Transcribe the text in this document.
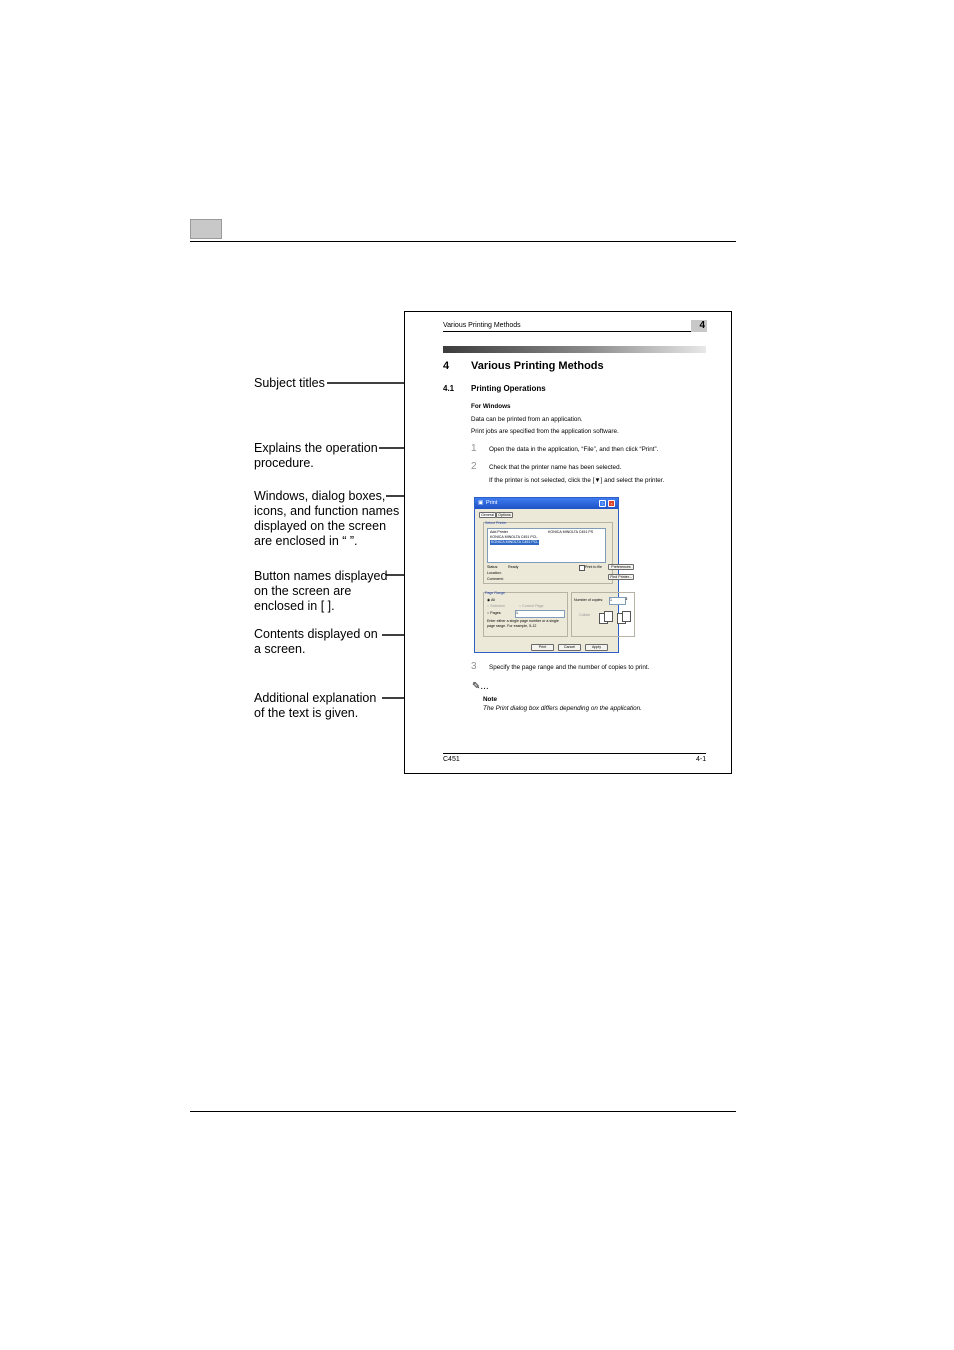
Subject titles
Explains the operation
procedure.
Windows, dialog boxes,
icons, and function names
displayed on the screen
are enclosed in “ ”.
Button names displayed
on the screen are
enclosed in [ ].
Contents displayed on
a screen.
Additional explanation
of the text is given.
Various Printing Methods	4
4 Various Printing Methods
4.1 Printing Operations
For Windows
Data can be printed from an application.
Print jobs are specified from the application software.
1 Open the data in the application, “File”, and then click “Print”.
2 Check that the printer name has been selected.
If the printer is not selected, click the [▼] and select the printer.
▣ Print	?	×
General	Options
Select Printer
Add Printer
KONICA MINOLTA C451 PCL
KONICA MINOLTA C451 PS
KONICA MINOLTA C451 PCL
Status:	Ready
Location:
Comment:
Print to file	Preferences
Find Printer...
Page Range
◉ All
○ Selection	○ Current Page
○ Pages:	1
Enter either a single page number or a single page range. For example, 5-12
Number of copies: 1	⇕
Collate
Print	Cancel	Apply
3 Specify the page range and the number of copies to print.
✎...
Note
The Print dialog box differs depending on the application.
C451	4-1
